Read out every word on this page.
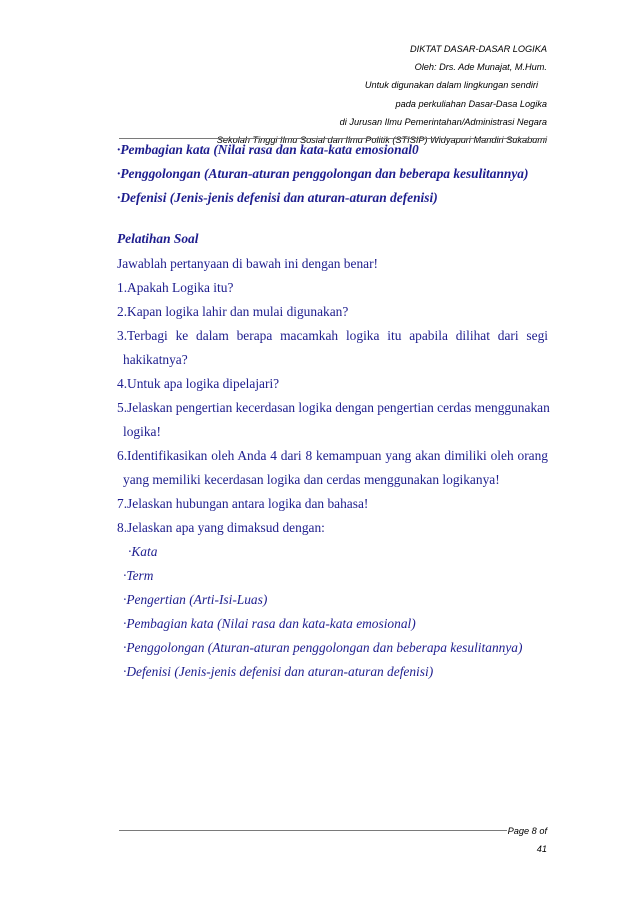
DIKTAT DASAR-DASAR LOGIKA
Oleh: Drs. Ade Munajat, M.Hum.
Untuk digunakan dalam lingkungan sendiri
pada perkuliahan Dasar-Dasa Logika
di Jurusan Ilmu Pemerintahan/Administrasi Negara
Sekolah Tinggi Ilmu Sosial dan Ilmu Politik (STISIP) Widyapuri Mandiri Sukabumi
·Pembagian kata (Nilai rasa dan kata-kata emosional0
·Penggolongan (Aturan-aturan penggolongan dan beberapa kesulitannya)
·Defenisi (Jenis-jenis defenisi dan aturan-aturan defenisi)
Pelatihan Soal
Jawablah pertanyaan di bawah ini dengan benar!
1.Apakah Logika itu?
2.Kapan logika lahir dan mulai digunakan?
3.Terbagi ke dalam berapa macamkah logika itu apabila dilihat dari segi
hakikatnya?
4.Untuk apa logika dipelajari?
5.Jelaskan pengertian kecerdasan logika dengan pengertian cerdas menggunakan
logika!
6.Identifikasikan oleh Anda 4 dari 8 kemampuan yang akan dimiliki oleh orang
yang memiliki kecerdasan logika dan cerdas menggunakan logikanya!
7.Jelaskan hubungan antara logika dan bahasa!
8.Jelaskan apa yang dimaksud dengan:
·Kata
·Term
·Pengertian (Arti-Isi-Luas)
·Pembagian kata (Nilai rasa dan kata-kata emosional)
·Penggolongan (Aturan-aturan penggolongan dan beberapa kesulitannya)
·Defenisi (Jenis-jenis defenisi dan aturan-aturan defenisi)
Page 8 of
41
